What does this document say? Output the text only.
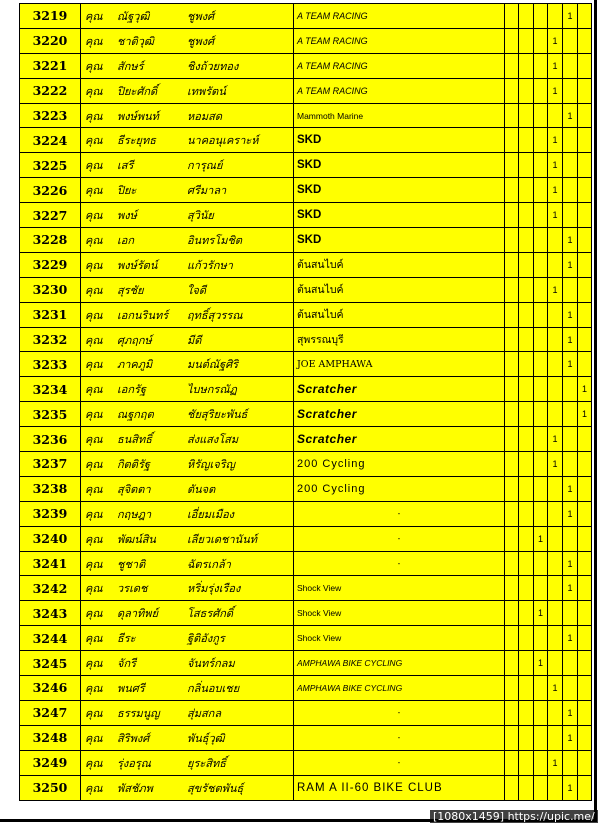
3219	คุณ ณัฐวุฒิ ชูพงศ์	A TEAM RACING					1	
3220	คุณ ชาติวุฒิ ชูพงศ์	A TEAM RACING				1		
3221	คุณ สักษร์ ชิงถ้วยทอง	A TEAM RACING				1		
3222	คุณ ปิยะศักดิ์ เทพรัตน์	A TEAM RACING				1		
3223	คุณ พงษ์พนท์ หอมสด	Mammoth Marine					1	
3224	คุณ ธีระยุทธ นาคอนุเคราะห์	SKD				1		
3225	คุณ เสรี การุณย์	SKD				1		
3226	คุณ ปิยะ ศรีมาลา	SKD				1		
3227	คุณ พงษ์ สุวินัย	SKD				1		
3228	คุณ เอก อินทรโมชิต	SKD					1	
3229	คุณ พงษ์รัตน์ แก้วรักษา	ต้นสนไบค์					1	
3230	คุณ สุรชัย ใจดี	ต้นสนไบค์				1		
3231	คุณ เอกนรินทร์ ฤทธิ์สุวรรณ	ต้นสนไบค์					1	
3232	คุณ ศุภฤกษ์ มีดี	สุพรรณบุรี					1	
3233	คุณ ภาคภูมิ มนต์ณัฐศิริ	JOE AMPHAWA					1	
3234	คุณ เอกรัฐ ไบษกรณัฏ	Scratcher						1
3235	คุณ ณฐกฤต ชัยสุริยะพันธ์	Scratcher						1
3236	คุณ ธนสิทธิ์ ส่งแสงโสม	Scratcher				1		
3237	คุณ กิตติรัฐ หิรัญเจริญ	200 Cycling				1		
3238	คุณ สุจิตตา ตันจต	200 Cycling					1	
3239	คุณ กฤษฎา เอี่ยมเมือง	-					1	
3240	คุณ พัฒน์สิน เลียวเดชานันท์	-			1			
3241	คุณ ชูชาติ ฉัตรเกล้า	-					1	
3242	คุณ วรเดช หริ่มรุ่งเรือง	Shock View					1	
3243	คุณ ดุลาทิพย์ โสธรศักดิ์	Shock View			1			
3244	คุณ ธีระ ฐิติอังกูร	Shock View					1	
3245	คุณ จักรี จันทร์กลม	AMPHAWA BIKE CYCLING			1			
3246	คุณ พนศรี กลิ่นอบเชย	AMPHAWA BIKE CYCLING				1		
3247	คุณ ธรรมนูญ สุ่มสกล	-					1	
3248	คุณ สิริพงศ์ พันธุ์วุฒิ	-					1	
3249	คุณ รุ่งอรุณ ยุระสิทธิ์	-				1		
3250	คุณ พัสชัภพ สุขรัชตพันธุ์	RAM A II-60 BIKE CLUB					1	
[1080x1459] https://upic.me/
